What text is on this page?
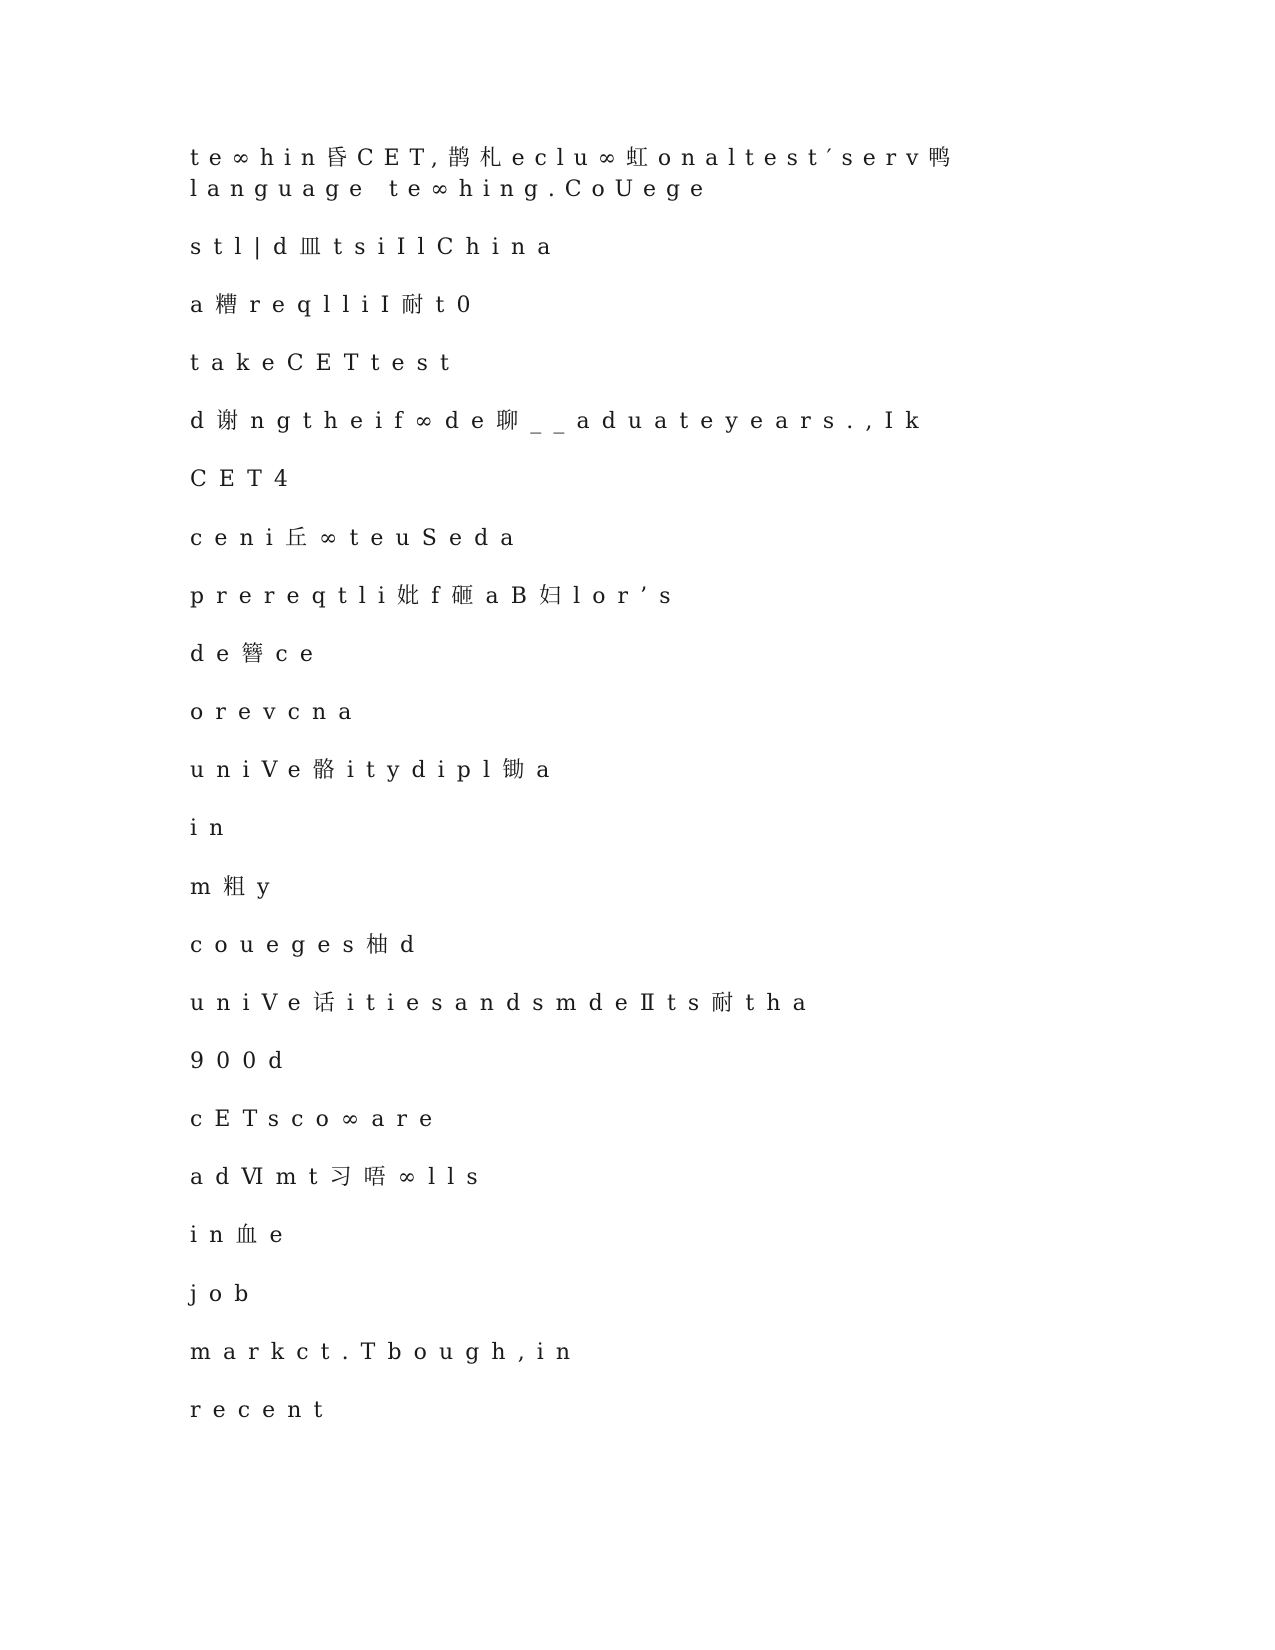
te∞hin昏CET,鹊札eclu∞虹onaltest′serv鸭language te∞hing.CoUege

stl|d皿tsiIlChina

a糟reqlliI耐t0

takeCETtest

d谢ngtheif∞de聊__aduateyears.,Ik

CET4

ceni丘∞teuSeda

prereqtli妣f砸aB妇lor’s

de簪ce

orevcna

uniVe骼itydipl锄a

in

m粗y

coueges柚d

uniVe话itiesandsmdeⅡts耐tha

900d

cETsco∞are

adⅥmt习唔∞lls

in血e

job

markct.Tbough,in

recent
